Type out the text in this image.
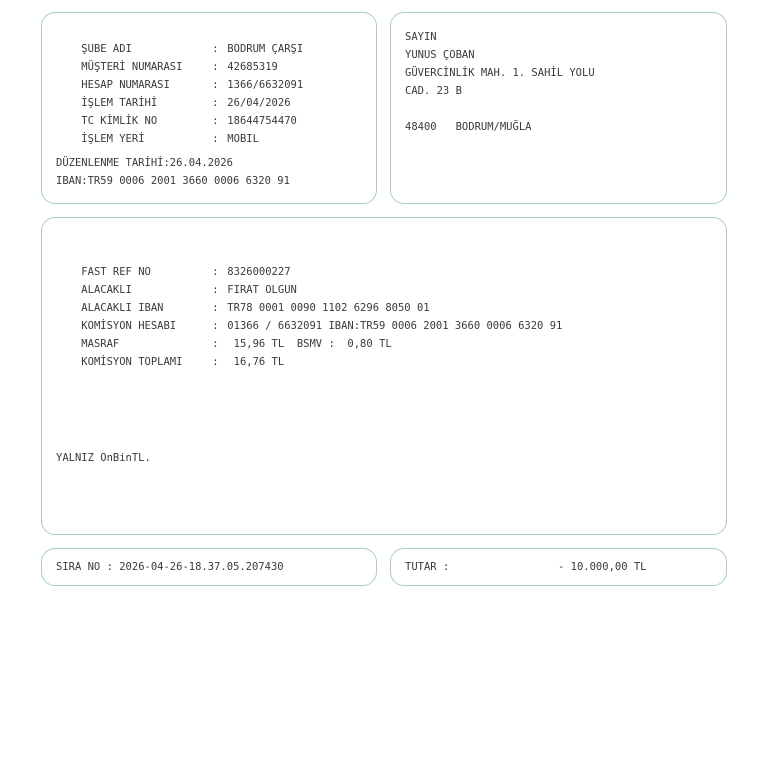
ŞUBE ADI	: BODRUM ÇARŞI

MÜŞTERİ NUMARASI	: 42685319

HESAP NUMARASI	: 1366/6632091

İŞLEM TARİHİ	: 26/04/2026

TC KİMLİK NO	: 18644754470

İŞLEM YERİ	: MOBIL

DÜZENLENME TARİHİ:26.04.2026
IBAN:TR59 0006 2001 3660 0006 6320 91
SAYIN
YUNUS ÇOBAN
GÜVERCİNLİK MAH. 1. SAHİL YOLU
CAD. 23 B
48400 BODRUM/MUĞLA

FAST REF NO	: 8326000227

ALACAKLI	: FIRAT OLGUN

ALACAKLI IBAN	: TR78 0001 0090 1102 6296 8050 01

KOMİSYON HESABI	: 01366 / 6632091 IBAN:TR59 0006 2001 3660 0006 6320 91

MASRAF	: 15,96 TL  BSMV :  0,80 TL

KOMİSYON TOPLAMI	: 16,76 TL

YALNIZ OnBinTL.
SIRA NO : 2026-04-26-18.37.05.207430	TUTAR :	- 10.000,00 TL
